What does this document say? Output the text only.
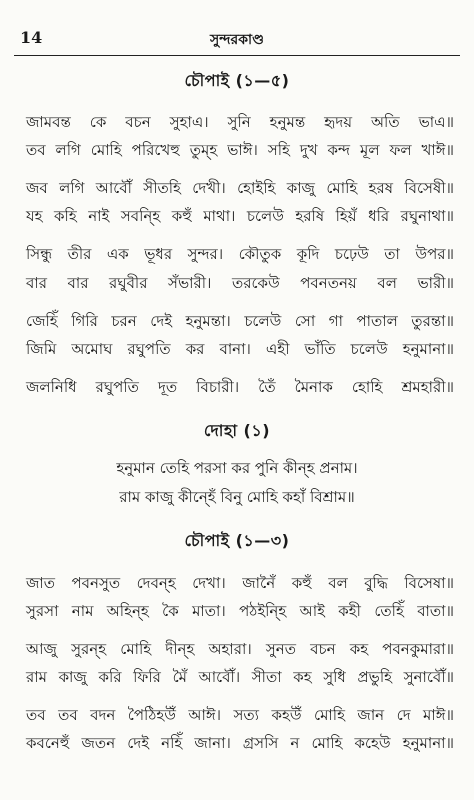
14	সুন্দরকাণ্ড
চৌপাই (১—৫)
জামবন্ত কে বচন সুহাএ। সুনি হনুমন্ত হৃদয় অতি ভাএ॥
তব লগি মোহি পরিখেহু তুম্হ ভাঈ। সহি দুখ কন্দ মূল ফল খাঈ॥
জব লগি আবৌঁ সীতহি দেখী। হোইহি কাজু মোহি হরষ বিসেষী॥
যহ কহি নাই সবন্হি কহুঁ মাথা। চলেউ হরষি হিয়ঁ ধরি রঘুনাথা॥
সিন্ধু তীর এক ভূধর সুন্দর। কৌতুক কূদি চঢ়েউ তা উপর॥
বার বার রঘুবীর সঁভারী। তরকেউ পবনতনয় বল ভারী॥
জেহিঁ গিরি চরন দেই হনুমন্তা। চলেউ সো গা পাতাল তুরন্তা॥
জিমি অমোঘ রঘুপতি কর বানা। এহী ভাঁতি চলেউ হনুমানা॥
জলনিধি রঘুপতি দূত বিচারী। তৈঁ মৈনাক হোহি শ্রমহারী॥
দোহা (১)
হনুমান তেহি পরসা কর পুনি কীন্হ প্রনাম।
রাম কাজু কীন্হেঁ বিনু মোহি কহাঁ বিশ্রাম॥
চৌপাই (১—৩)
জাত পবনসুত দেবন্হ দেখা। জানৈঁ কহুঁ বল বুদ্ধি বিসেষা॥
সুরসা নাম অহিন্হ কৈ মাতা। পঠইন্হি আই কহী তেহিঁ বাতা॥
আজু সুরন্হ মোহি দীন্হ অহারা। সুনত বচন কহ পবনকুমারা॥
রাম কাজু করি ফিরি মৈঁ আবৌঁ। সীতা কহ সুধি প্রভুহি সুনাবৌঁ॥
তব তব বদন পৈঠিহউঁ আঈ। সত্য কহউঁ মোহি জান দে মাঈ॥
কবনেহুঁ জতন দেই নহিঁ জানা। গ্রসসি ন মোহি কহেউ হনুমানা॥
